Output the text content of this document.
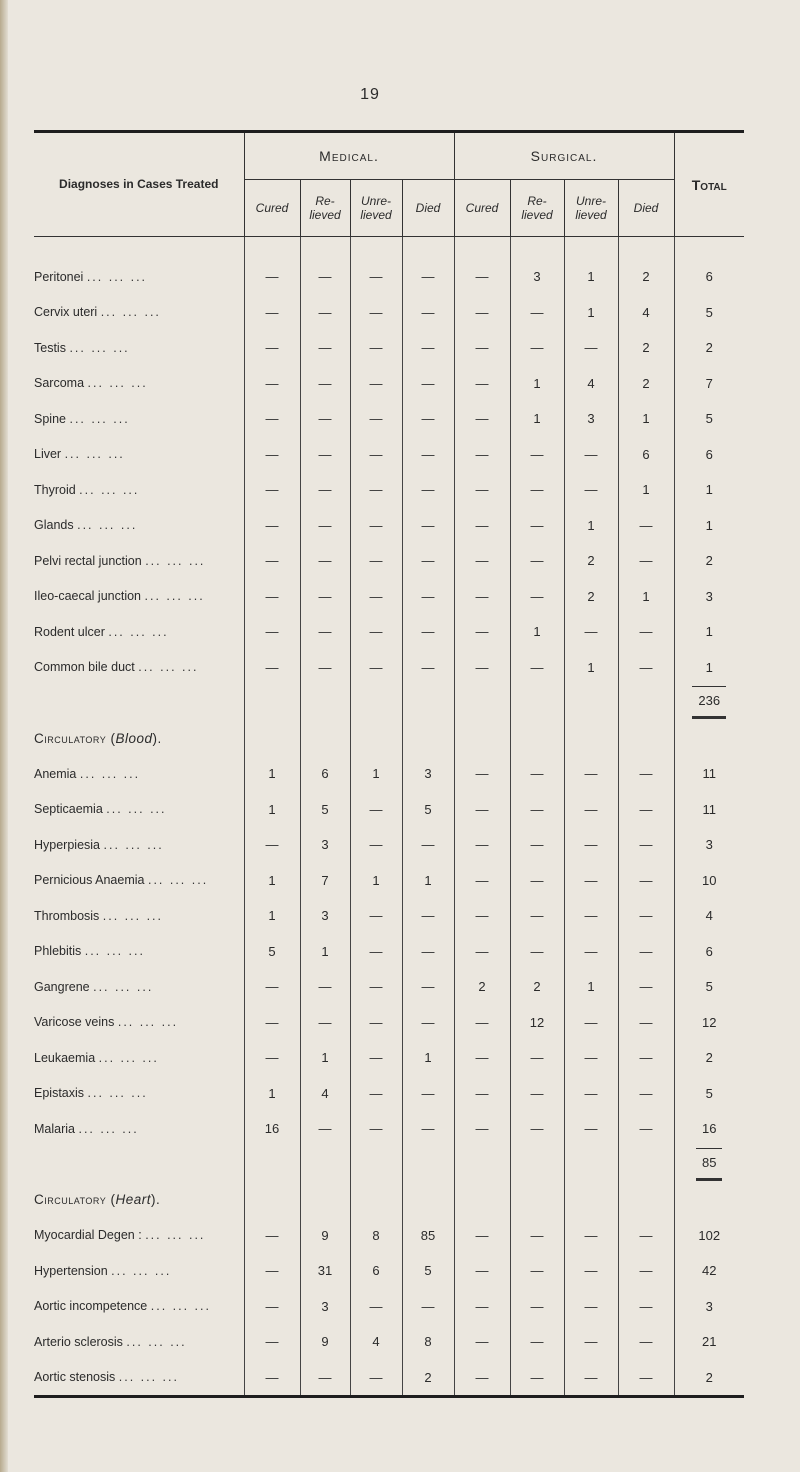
19
Diagnoses in Cases Treated	Medical.				Surgical.				Total
	Cured	Re- lieved	Unre- lieved	Died	Cured	Re- lieved	Unre- lieved	Died	

Peritonei ... ... ...	—	—	—	—	—	3	1	2	6
Cervix uteri ... ... ...	—	—	—	—	—	—	1	4	5
Testis ... ... ...	—	—	—	—	—	—	—	2	2
Sarcoma ... ... ...	—	—	—	—	—	1	4	2	7
Spine ... ... ...	—	—	—	—	—	1	3	1	5
Liver ... ... ...	—	—	—	—	—	—	—	6	6
Thyroid ... ... ...	—	—	—	—	—	—	—	1	1
Glands ... ... ...	—	—	—	—	—	—	1	—	1
Pelvi rectal junction ... ... ...	—	—	—	—	—	—	2	—	2
Ileo-caecal junction ... ... ...	—	—	—	—	—	—	2	1	3
Rodent ulcer ... ... ...	—	—	—	—	—	1	—	—	1
Common bile duct ... ... ...	—	—	—	—	—	—	1	—	1
									236
Circulatory (Blood).									
Anemia ... ... ...	1	6	1	3	—	—	—	—	11
Septicaemia ... ... ...	1	5	—	5	—	—	—	—	11
Hyperpiesia ... ... ...	—	3	—	—	—	—	—	—	3
Pernicious Anaemia ... ... ...	1	7	1	1	—	—	—	—	10
Thrombosis ... ... ...	1	3	—	—	—	—	—	—	4
Phlebitis ... ... ...	5	1	—	—	—	—	—	—	6
Gangrene ... ... ...	—	—	—	—	2	2	1	—	5
Varicose veins ... ... ...	—	—	—	—	—	12	—	—	12
Leukaemia ... ... ...	—	1	—	1	—	—	—	—	2
Epistaxis ... ... ...	1	4	—	—	—	—	—	—	5
Malaria ... ... ...	16	—	—	—	—	—	—	—	16
									85
Circulatory (Heart).									
Myocardial Degen : ... ... ...	—	9	8	85	—	—	—	—	102
Hypertension ... ... ...	—	31	6	5	—	—	—	—	42
Aortic incompetence ... ... ...	—	3	—	—	—	—	—	—	3
Arterio sclerosis ... ... ...	—	9	4	8	—	—	—	—	21
Aortic stenosis ... ... ...	—	—	—	2	—	—	—	—	2
